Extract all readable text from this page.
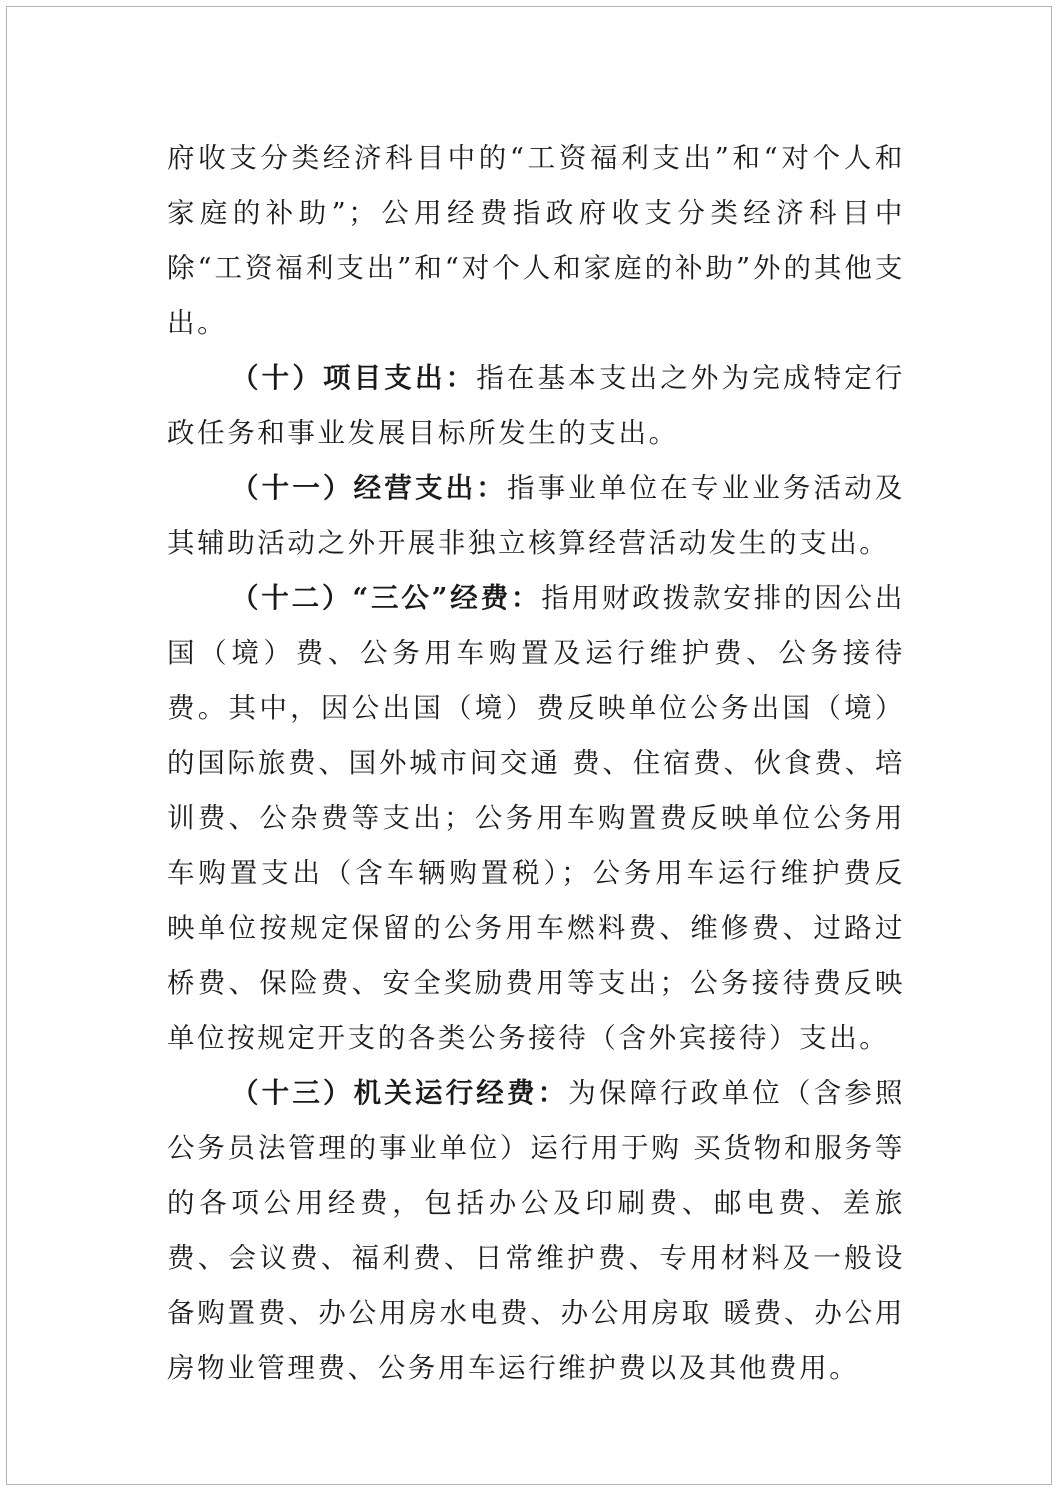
府收支分类经济科目中的“工资福利支出”和“对个人和家庭的补助”；公用经费指政府收支分类经济科目中除“工资福利支出”和“对个人和家庭的补助”外的其他支出。

（十）项目支出：指在基本支出之外为完成特定行政任务和事业发展目标所发生的支出。

（十一）经营支出：指事业单位在专业业务活动及其辅助活动之外开展非独立核算经营活动发生的支出。

（十二）“三公”经费：指用财政拨款安排的因公出国（境）费、公务用车购置及运行维护费、公务接待费。其中，因公出国（境）费反映单位公务出国（境）的国际旅费、国外城市间交通 费、住宿费、伙食费、培训费、公杂费等支出；公务用车购置费反映单位公务用车购置支出（含车辆购置税）；公务用车运行维护费反映单位按规定保留的公务用车燃料费、维修费、过路过桥费、保险费、安全奖励费用等支出；公务接待费反映单位按规定开支的各类公务接待（含外宾接待）支出。

（十三）机关运行经费：为保障行政单位（含参照公务员法管理的事业单位）运行用于购 买货物和服务等的各项公用经费，包括办公及印刷费、邮电费、差旅费、会议费、福利费、日常维护费、专用材料及一般设备购置费、办公用房水电费、办公用房取 暖费、办公用房物业管理费、公务用车运行维护费以及其他费用。
